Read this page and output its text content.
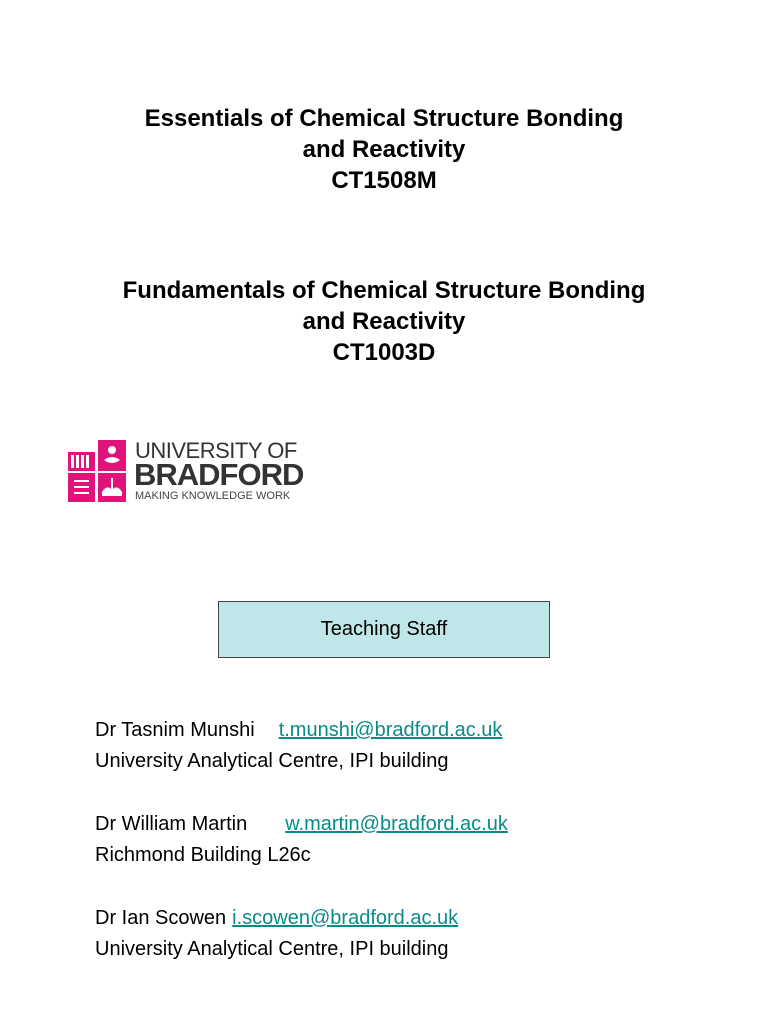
Essentials of Chemical Structure Bonding
and Reactivity
CT1508M
Fundamentals of Chemical Structure Bonding
and Reactivity
CT1003D
UNIVERSITY OF
BRADFORD
MAKING KNOWLEDGE WORK
Teaching Staff
Dr Tasnim Munshi t.munshi@bradford.ac.uk
University Analytical Centre, IPI building
Dr William Martin w.martin@bradford.ac.uk
Richmond Building L26c
Dr Ian Scowen i.scowen@bradford.ac.uk
University Analytical Centre, IPI building
